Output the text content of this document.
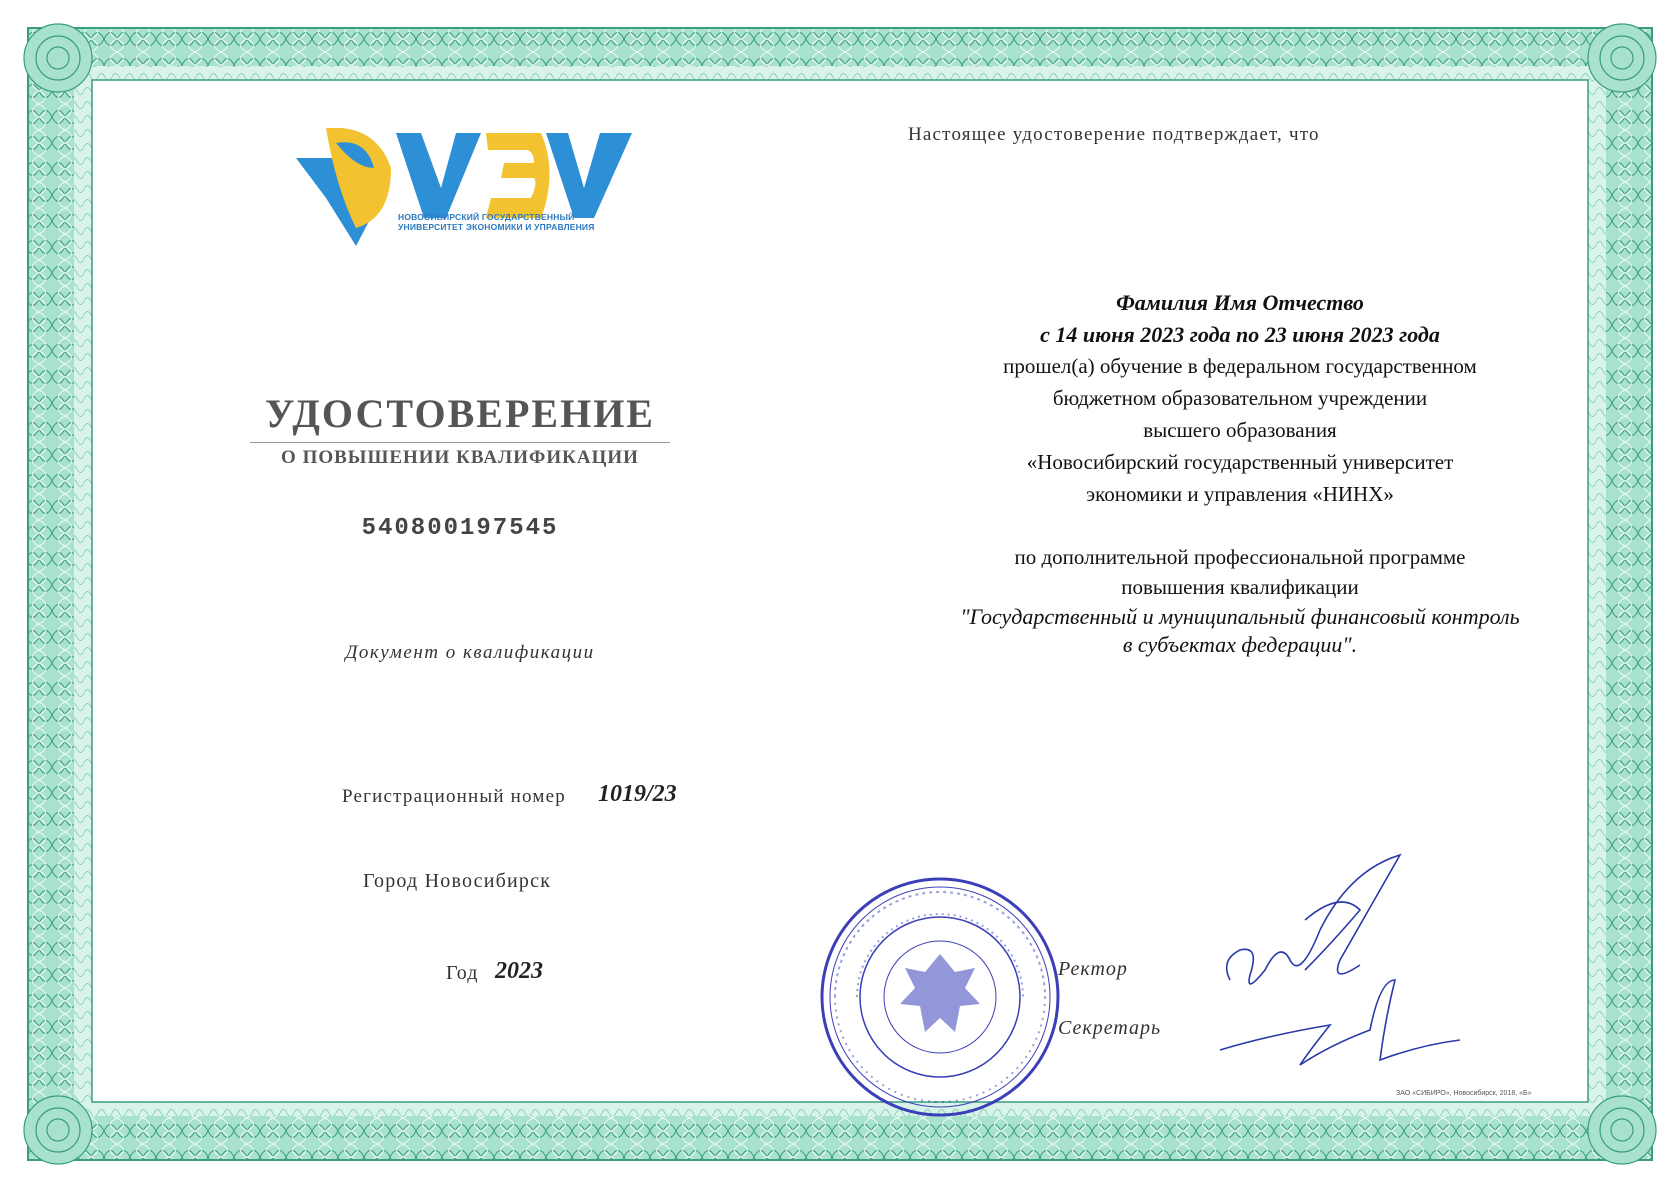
НОВОСИБИРСКИЙ ГОСУДАРСТВЕННЫЙ
УНИВЕРСИТЕТ ЭКОНОМИКИ И УПРАВЛЕНИЯ
УДОСТОВЕРЕНИЕ
О ПОВЫШЕНИИ КВАЛИФИКАЦИИ
540800197545
Документ о квалификации
Регистрационный номер 1019/23
Город Новосибирск
Год 2023
Настоящее удостоверение подтверждает, что
Фамилия Имя Отчество
с 14 июня 2023 года по 23 июня 2023 года
прошел(а) обучение в федеральном государственном
бюджетном образовательном учреждении
высшего образования
«Новосибирский государственный университет
экономики и управления «НИНХ»
по дополнительной профессиональной программе
повышения квалификации
"Государственный и муниципальный финансовый контроль
в субъектах федерации".
Ректор
Секретарь
ЗАО «СИБИРО», Новосибирск, 2018, «Б»
